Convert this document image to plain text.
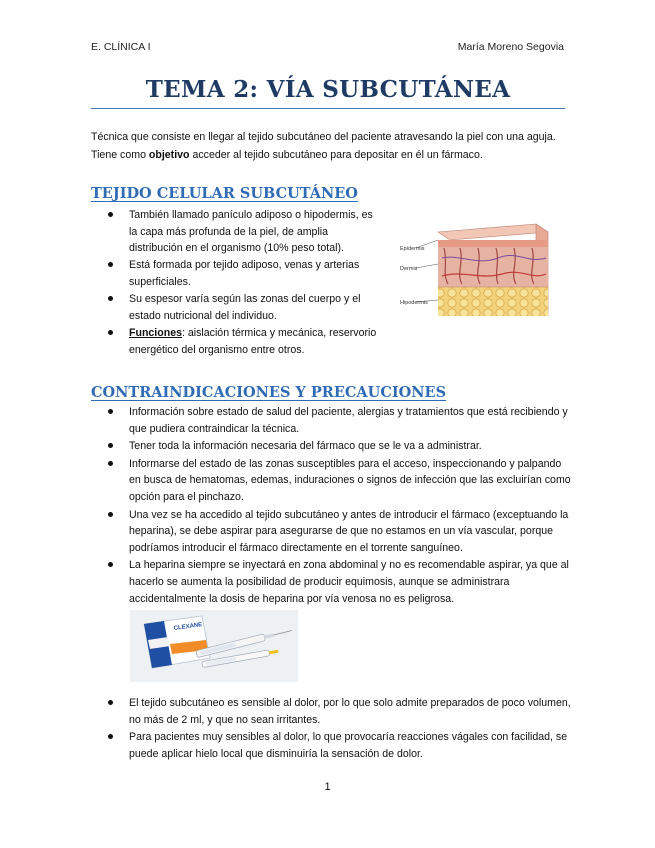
E. CLÍNICA I	María Moreno Segovia
TEMA 2: VÍA SUBCUTÁNEA
Técnica que consiste en llegar al tejido subcutáneo del paciente atravesando la piel con una aguja.
Tiene como objetivo acceder al tejido subcutáneo para depositar en él un fármaco.
TEJIDO CELULAR SUBCUTÁNEO
También llamado panículo adiposo o hipodermis, es la capa más profunda de la piel, de amplia distribución en el organismo (10% peso total).
Está formada por tejido adiposo, venas y arterias superficiales.
Su espesor varía según las zonas del cuerpo y el estado nutricional del individuo.
Funciones: aislación térmica y mecánica, reservorio energético del organismo entre otros.
Epidermis
Dermis
Hipodermis
CONTRAINDICACIONES Y PRECAUCIONES
Información sobre estado de salud del paciente, alergias y tratamientos que está recibiendo y que pudiera contraindicar la técnica.
Tener toda la información necesaria del fármaco que se le va a administrar.
Informarse del estado de las zonas susceptibles para el acceso, inspeccionando y palpando en busca de hematomas, edemas, induraciones o signos de infección que las excluirían como opción para el pinchazo.
Una vez se ha accedido al tejido subcutáneo y antes de introducir el fármaco (exceptuando la heparina), se debe aspirar para asegurarse de que no estamos en un vía vascular, porque podríamos introducir el fármaco directamente en el torrente sanguíneo.
La heparina siempre se inyectará en zona abdominal y no es recomendable aspirar, ya que al hacerlo se aumenta la posibilidad de producir equimosis, aunque se administrara accidentalmente la dosis de heparina por vía venosa no es peligrosa.
CLEXANE
El tejido subcutáneo es sensible al dolor, por lo que solo admite preparados de poco volumen, no más de 2 ml, y que no sean irritantes.
Para pacientes muy sensibles al dolor, lo que provocaría reacciones vágales con facilidad, se puede aplicar hielo local que disminuiría la sensación de dolor.
1
